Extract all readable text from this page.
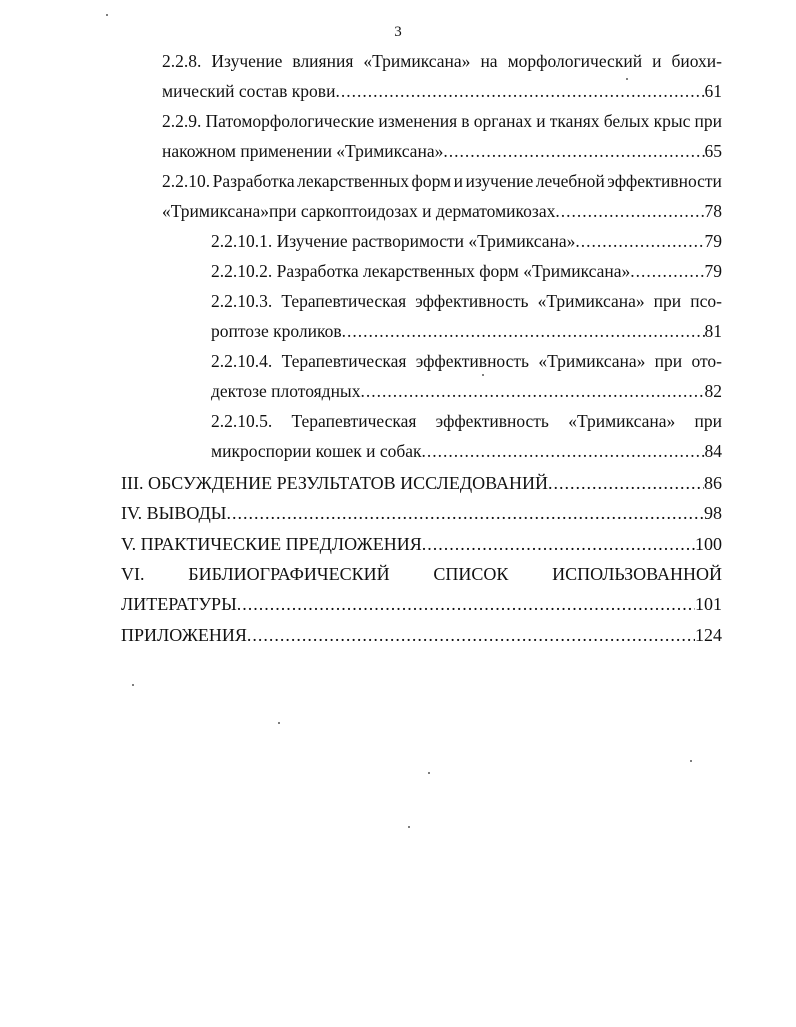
3
2.2.8. Изучение влияния «Тримиксана» на морфологический и биохи-
мический состав крови .....	61
2.2.9. Патоморфологические изменения в органах и тканях белых крыс при
накожном применении «Тримиксана» .....	65
2.2.10. Разработка лекарственных форм и изучение лечебной эффективности
«Тримиксана»при саркоптоидозах и дерматомикозах .....	78
2.2.10.1. Изучение растворимости «Тримиксана» .....	79
2.2.10.2. Разработка лекарственных форм «Тримиксана» .....	79
2.2.10.3. Терапевтическая эффективность «Тримиксана» при псо-
роптозе кроликов .....	81
2.2.10.4. Терапевтическая эффективность «Тримиксана» при ото-
дектозе плотоядных .....	82
2.2.10.5. Терапевтическая эффективность «Тримиксана» при
микроспории кошек и собак .....	84
III. ОБСУЖДЕНИЕ РЕЗУЛЬТАТОВ ИССЛЕДОВАНИЙ .....	86
IV. ВЫВОДЫ .....	98
V. ПРАКТИЧЕСКИЕ ПРЕДЛОЖЕНИЯ .....	100
VI. БИБЛИОГРАФИЧЕСКИЙ СПИСОК ИСПОЛЬЗОВАННОЙ
ЛИТЕРАТУРЫ .....	101
ПРИЛОЖЕНИЯ .....	124
